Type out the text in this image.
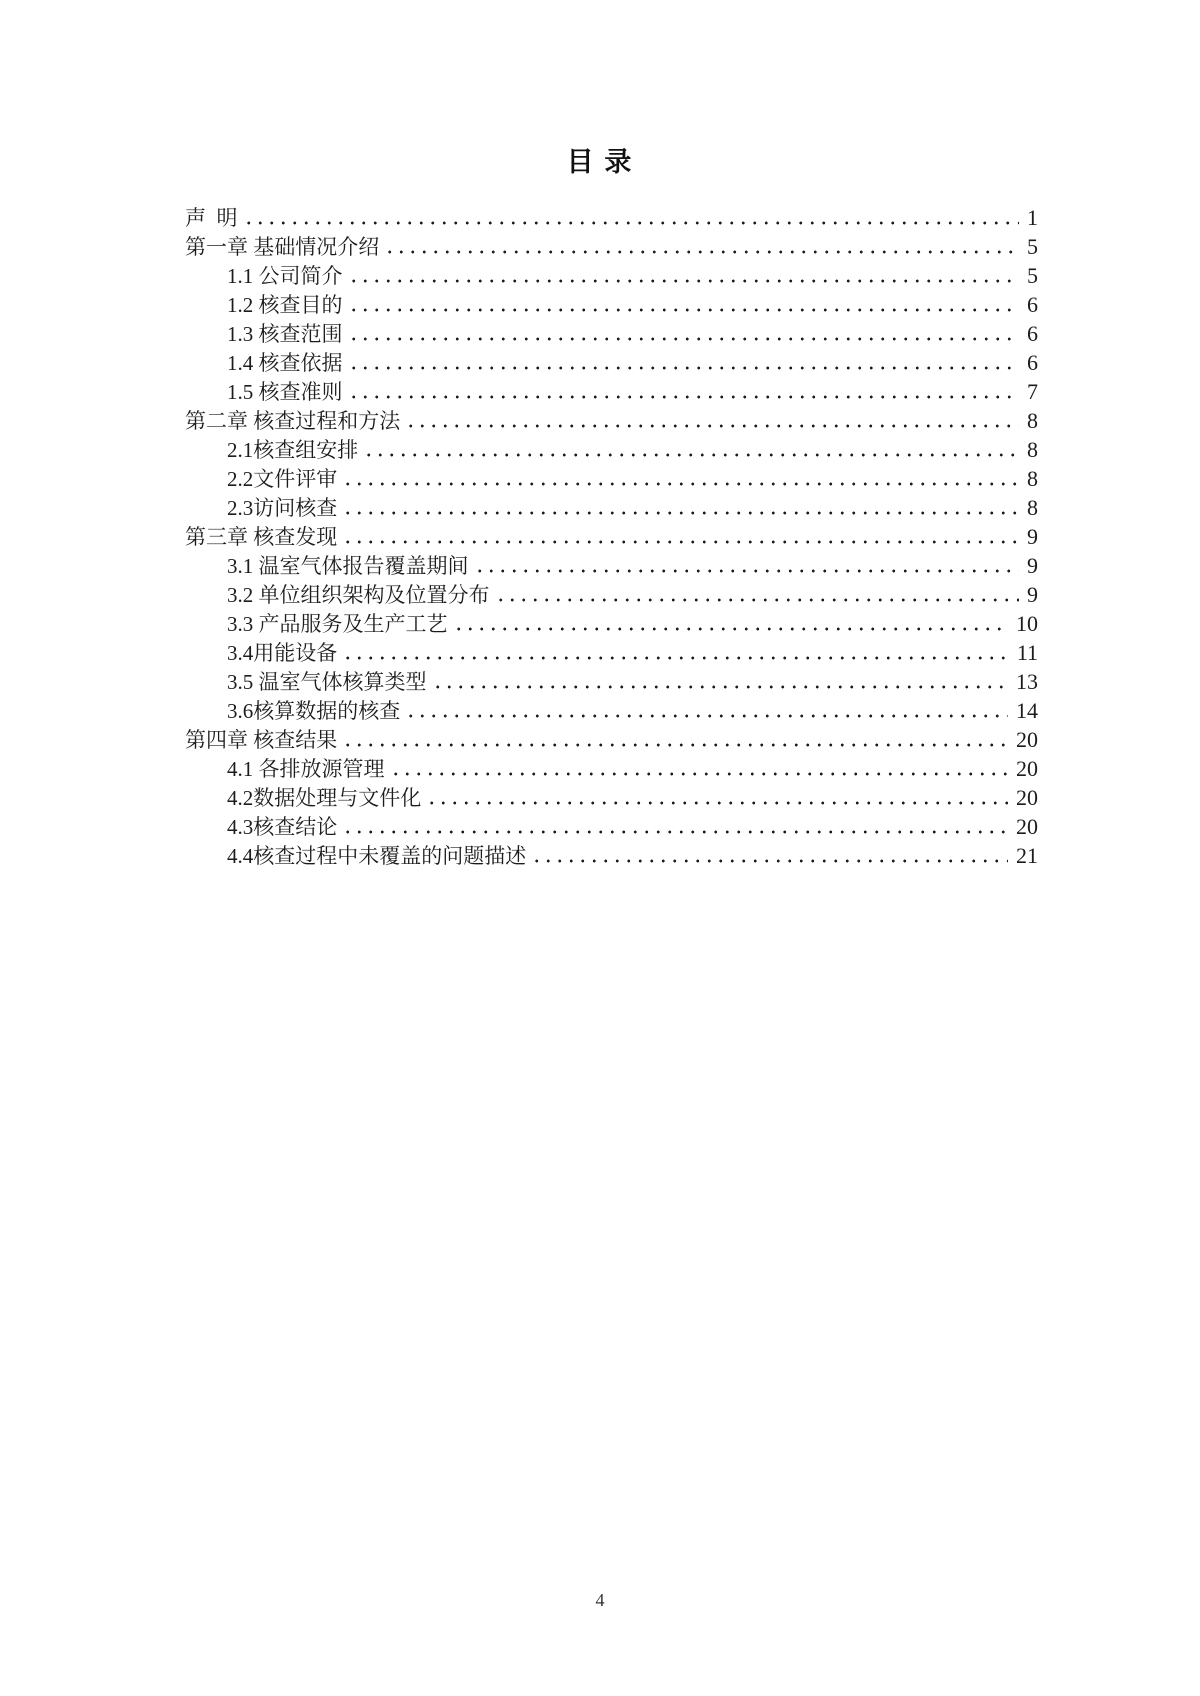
目 录
声  明	1
第一章 基础情况介绍	5
1.1 公司简介	5
1.2 核查目的	6
1.3 核查范围	6
1.4 核查依据	6
1.5 核查准则	7
第二章 核查过程和方法	8
2.1核查组安排	8
2.2文件评审	8
2.3访问核查	8
第三章 核查发现	9
3.1 温室气体报告覆盖期间	9
3.2 单位组织架构及位置分布	9
3.3 产品服务及生产工艺	10
3.4用能设备	11
3.5 温室气体核算类型	13
3.6核算数据的核查	14
第四章 核查结果	20
4.1 各排放源管理	20
4.2数据处理与文件化	20
4.3核查结论	20
4.4核查过程中未覆盖的问题描述	21
4
